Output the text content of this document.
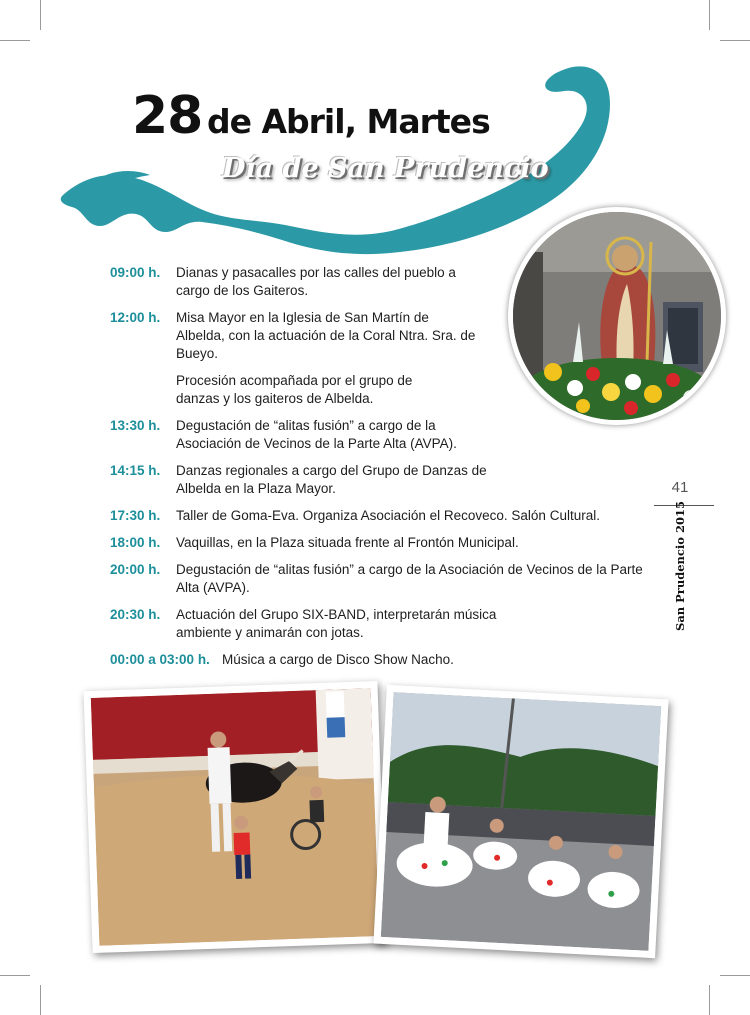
28 de Abril, Martes
Día de San Prudencio
09:00 h.	Dianas y pasacalles por las calles del pueblo a cargo de los Gaiteros.

12:00 h.	Misa Mayor en la Iglesia de San Martín de Albelda, con la actuación de la Coral Ntra. Sra. de Bueyo.

Procesión acompañada por el grupo de danzas y los gaiteros de Albelda.

13:30 h.	Degustación de “alitas fusión” a cargo de la Asociación de Vecinos de la Parte Alta (AVPA).

14:15 h.	Danzas regionales a cargo del Grupo de Danzas de Albelda en la Plaza Mayor.

17:30 h.	Taller de Goma-Eva. Organiza Asociación el Recoveco. Salón Cultural.

18:00 h.	Vaquillas, en la Plaza situada frente al Frontón Municipal.

20:00 h.	Degustación de “alitas fusión” a cargo de la Asociación de Vecinos de la Parte Alta (AVPA).

20:30 h.	Actuación del Grupo SIX-BAND, interpretarán música ambiente y animarán con jotas.

00:00 a 03:00 h. Música a cargo de Disco Show Nacho.

41
San Prudencio 2015
